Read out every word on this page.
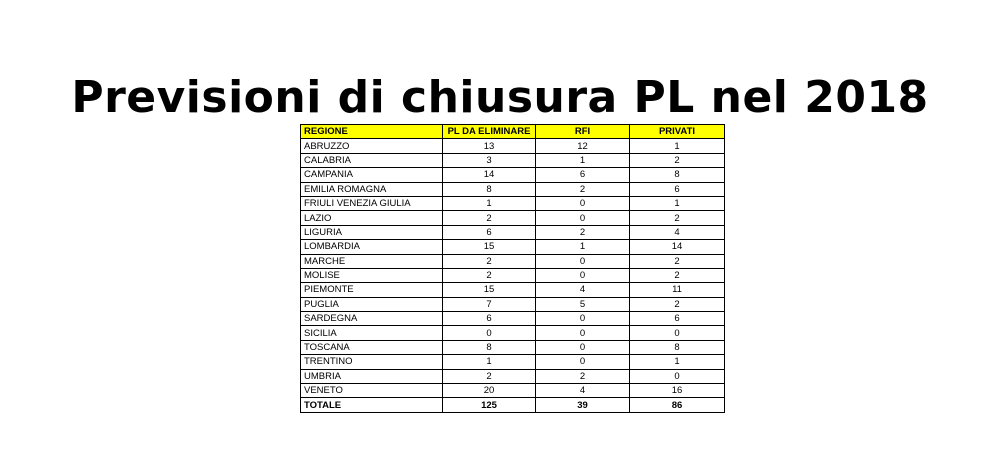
Previsioni di chiusura PL nel 2018
REGIONE	PL DA ELIMINARE	RFI	PRIVATI
ABRUZZO	13	12	1
CALABRIA	3	1	2
CAMPANIA	14	6	8
EMILIA ROMAGNA	8	2	6
FRIULI VENEZIA GIULIA	1	0	1
LAZIO	2	0	2
LIGURIA	6	2	4
LOMBARDIA	15	1	14
MARCHE	2	0	2
MOLISE	2	0	2
PIEMONTE	15	4	11
PUGLIA	7	5	2
SARDEGNA	6	0	6
SICILIA	0	0	0
TOSCANA	8	0	8
TRENTINO	1	0	1
UMBRIA	2	2	0
VENETO	20	4	16
TOTALE	125	39	86
